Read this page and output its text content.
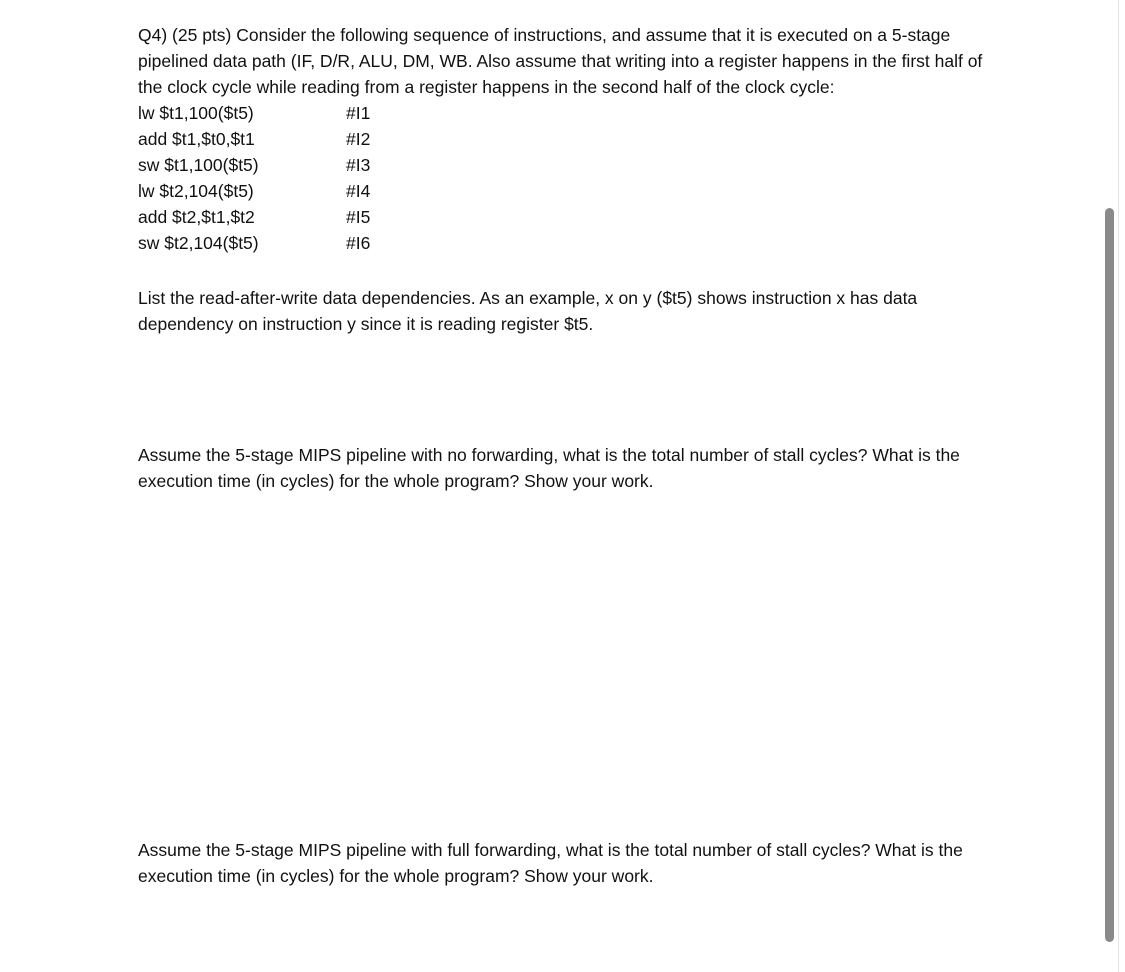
Q4) (25 pts) Consider the following sequence of instructions, and assume that it is executed on a 5-stage pipelined data path (IF, D/R, ALU, DM, WB. Also assume that writing into a register happens in the first half of the clock cycle while reading from a register happens in the second half of the clock cycle:

lw $t1,100($t5)	#I1
add $t1,$t0,$t1	#I2
sw $t1,100($t5)	#I3
lw $t2,104($t5)	#I4
add $t2,$t1,$t2	#I5
sw $t2,104($t5)	#I6

List the read-after-write data dependencies. As an example, x on y ($t5) shows instruction x has data dependency on instruction y since it is reading register $t5.

Assume the 5-stage MIPS pipeline with no forwarding, what is the total number of stall cycles? What is the execution time (in cycles) for the whole program? Show your work.

Assume the 5-stage MIPS pipeline with full forwarding, what is the total number of stall cycles? What is the execution time (in cycles) for the whole program? Show your work.
